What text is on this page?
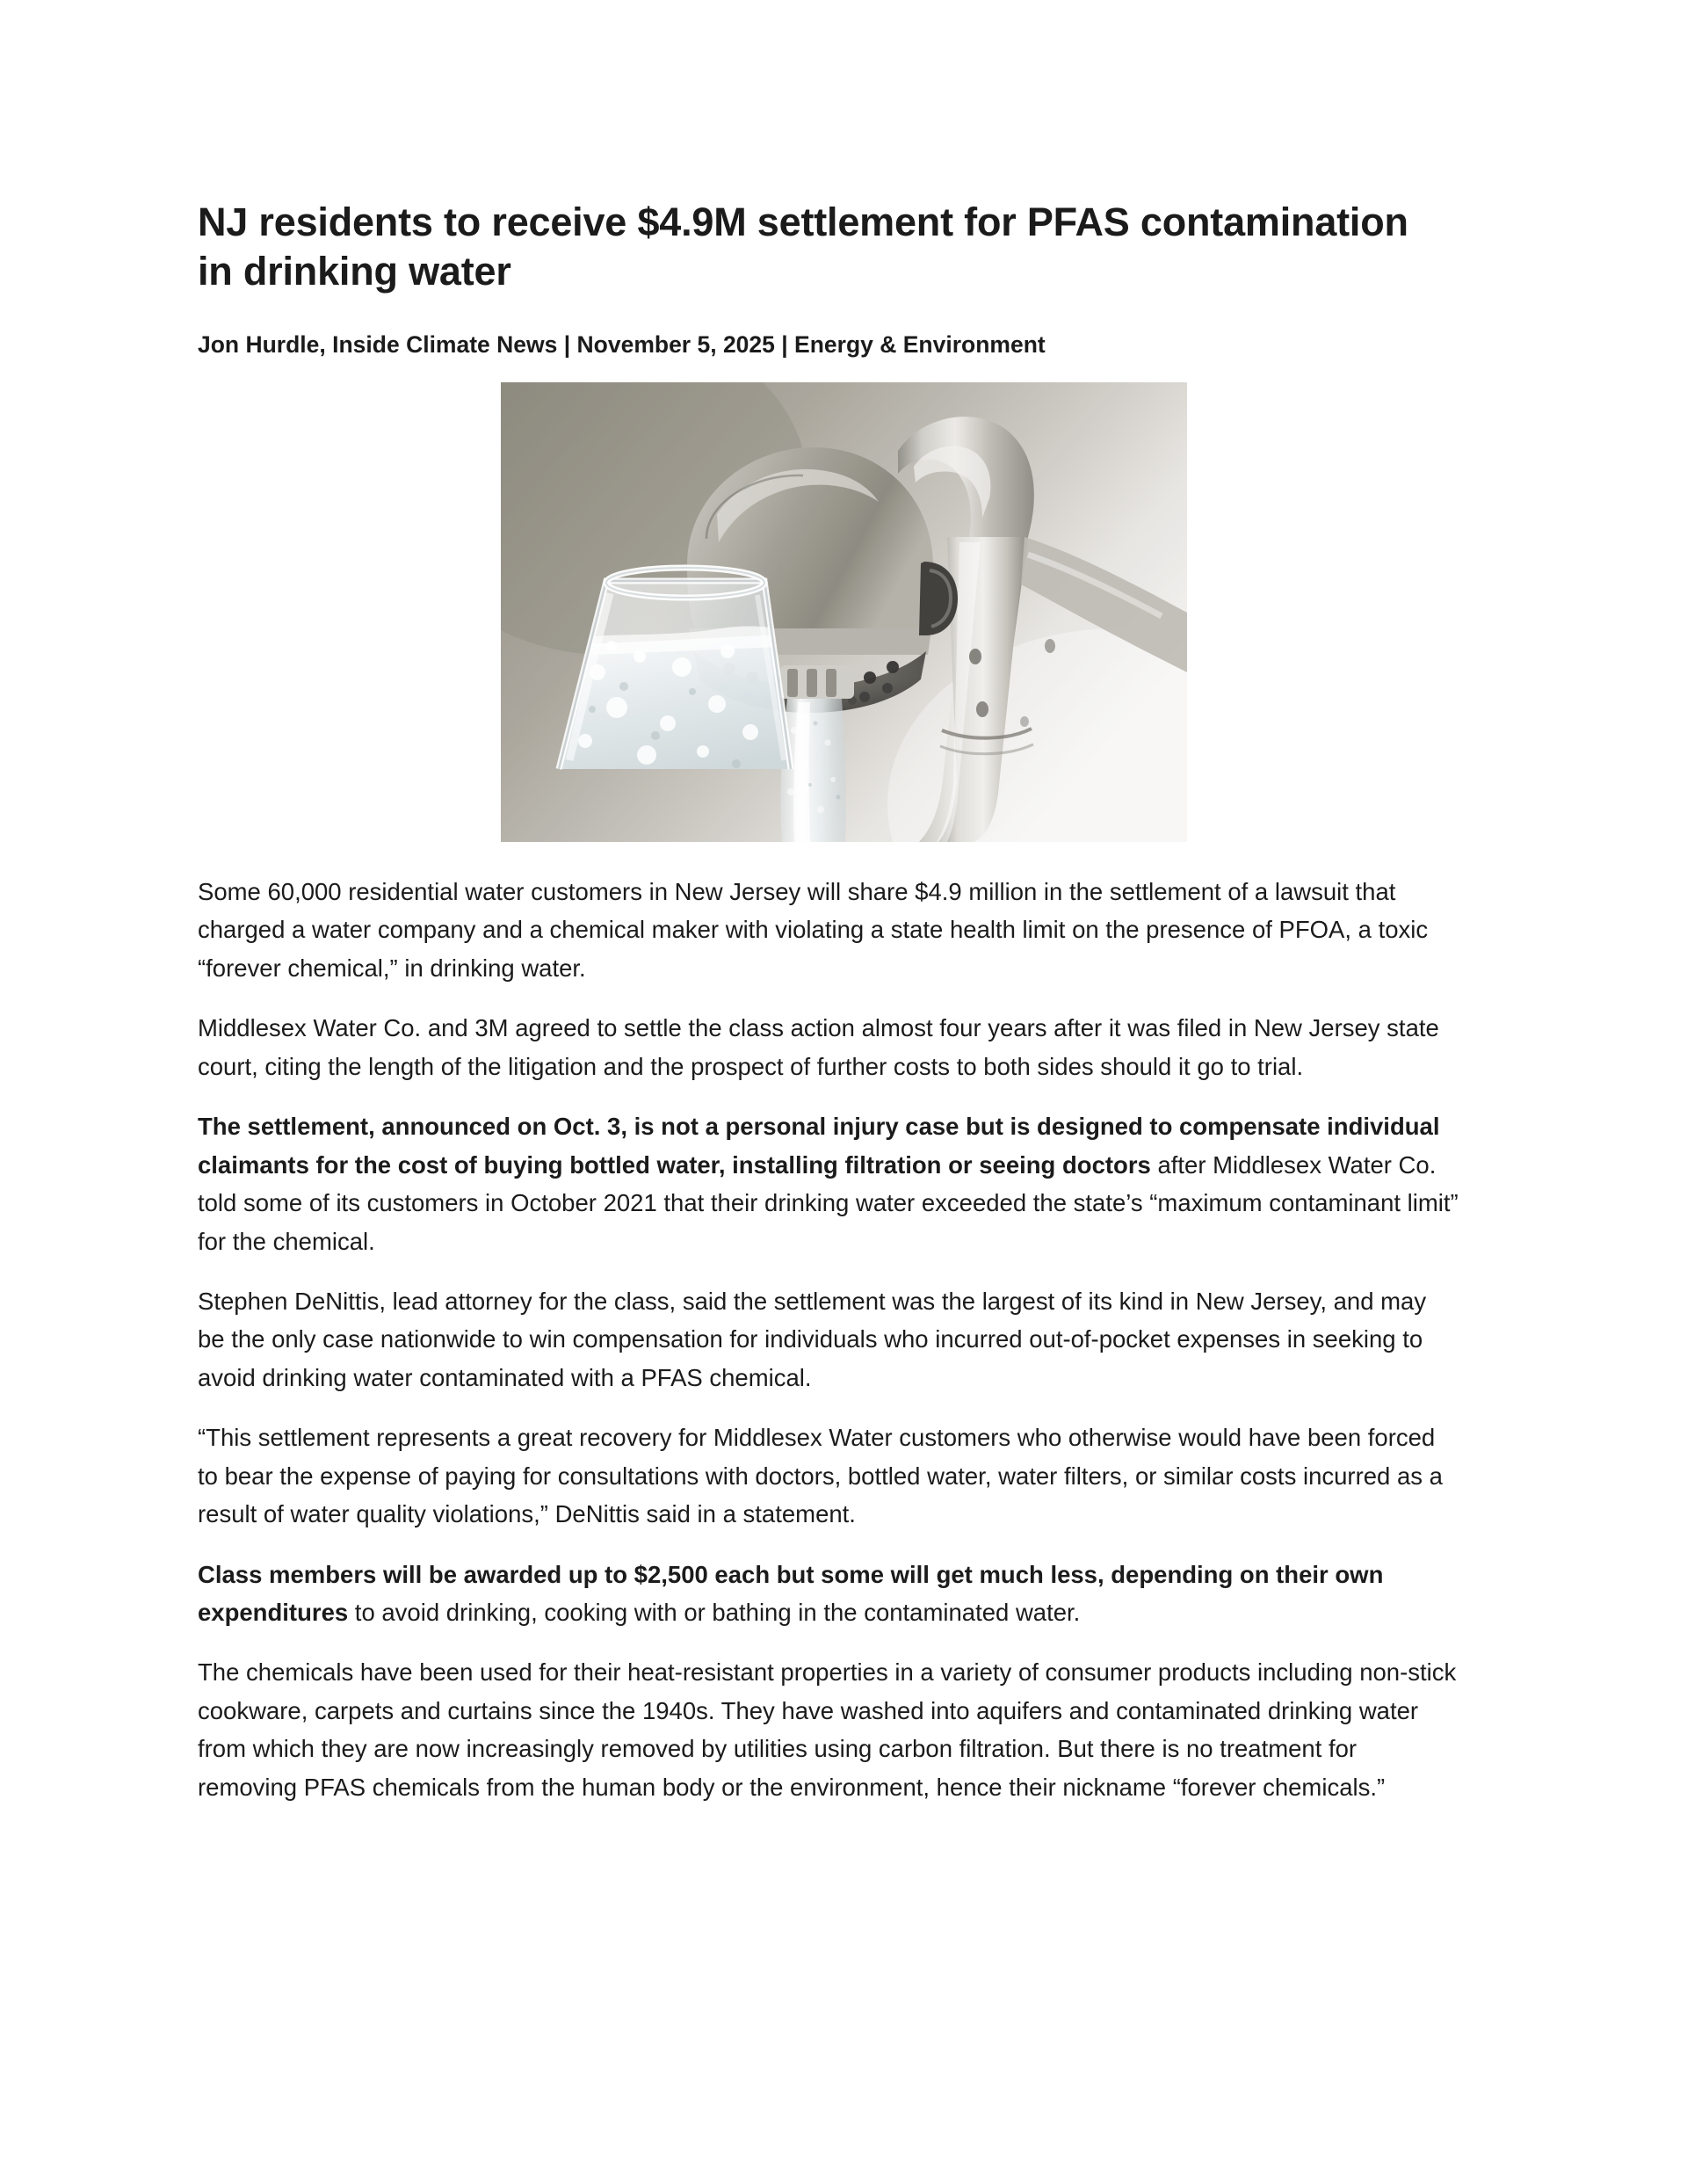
NJ residents to receive $4.9M settlement for PFAS contamination in drinking water
Jon Hurdle, Inside Climate News | November 5, 2025 | Energy & Environment

Some 60,000 residential water customers in New Jersey will share $4.9 million in the settlement of a lawsuit that charged a water company and a chemical maker with violating a state health limit on the presence of PFOA, a toxic “forever chemical,” in drinking water.

Middlesex Water Co. and 3M agreed to settle the class action almost four years after it was filed in New Jersey state court, citing the length of the litigation and the prospect of further costs to both sides should it go to trial.

The settlement, announced on Oct. 3, is not a personal injury case but is designed to compensate individual claimants for the cost of buying bottled water, installing filtration or seeing doctors after Middlesex Water Co. told some of its customers in October 2021 that their drinking water exceeded the state’s “maximum contaminant limit” for the chemical.

Stephen DeNittis, lead attorney for the class, said the settlement was the largest of its kind in New Jersey, and may be the only case nationwide to win compensation for individuals who incurred out-of-pocket expenses in seeking to avoid drinking water contaminated with a PFAS chemical.

“This settlement represents a great recovery for Middlesex Water customers who otherwise would have been forced to bear the expense of paying for consultations with doctors, bottled water, water filters, or similar costs incurred as a result of water quality violations,” DeNittis said in a statement.

Class members will be awarded up to $2,500 each but some will get much less, depending on their own expenditures to avoid drinking, cooking with or bathing in the contaminated water.

The chemicals have been used for their heat-resistant properties in a variety of consumer products including non-stick cookware, carpets and curtains since the 1940s. They have washed into aquifers and contaminated drinking water from which they are now increasingly removed by utilities using carbon filtration. But there is no treatment for removing PFAS chemicals from the human body or the environment, hence their nickname “forever chemicals.”
